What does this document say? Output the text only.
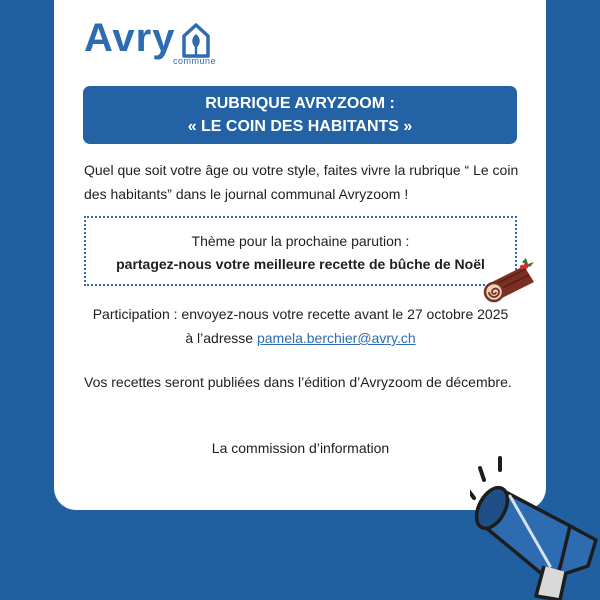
Avry
commune
RUBRIQUE AVRYZOOM :
« LE COIN DES HABITANTS »

Quel que soit votre âge ou votre style, faites vivre la rubrique “ Le coin des habitants” dans le journal communal Avryzoom !

Thème pour la prochaine parution :
partagez-nous votre meilleure recette de bûche de Noël
Participation : envoyez-nous votre recette avant le 27 octobre 2025
à l’adresse pamela.berchier@avry.ch

Vos recettes seront publiées dans l’édition d’Avryzoom de décembre.

La commission d’information
